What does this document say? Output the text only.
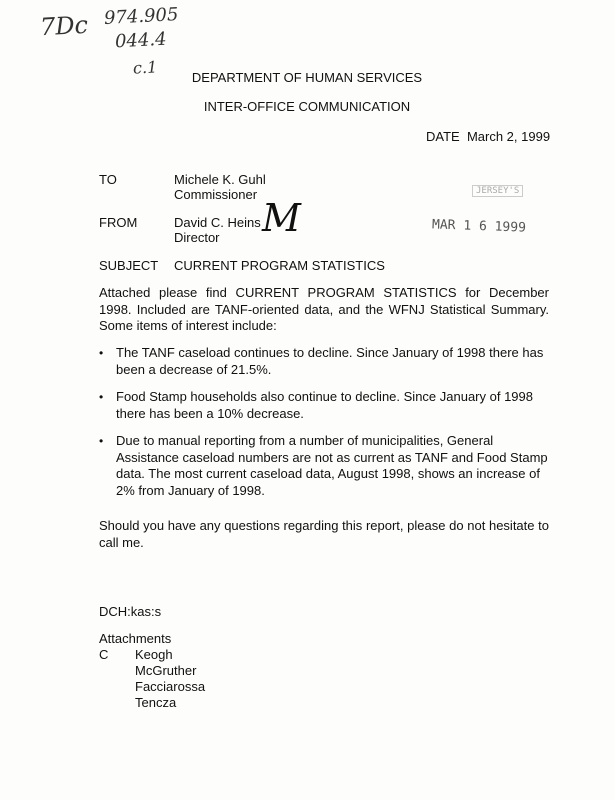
7Dc 974.905
044.4
c.1	DEPARTMENT OF HUMAN SERVICES
INTER-OFFICE COMMUNICATION
DATE March 2, 1999
TO	Michele K. Guhl
Commissioner
FROM	David C. Heins
Director M
JERSEY'S
MAR 1 6 1999
SUBJECT CURRENT PROGRAM STATISTICS
Attached please find CURRENT PROGRAM STATISTICS for December 1998. Included are TANF-oriented data, and the WFNJ Statistical Summary. Some items of interest include:
• The TANF caseload continues to decline. Since January of 1998 there has been a decrease of 21.5%.
• Food Stamp households also continue to decline. Since January of 1998 there has been a 10% decrease.
• Due to manual reporting from a number of municipalities, General Assistance caseload numbers are not as current as TANF and Food Stamp data. The most current caseload data, August 1998, shows an increase of 2% from January of 1998.
Should you have any questions regarding this report, please do not hesitate to call me.
DCH:kas:s
Attachments
C Keogh
McGruther
Facciarossa
Tencza
